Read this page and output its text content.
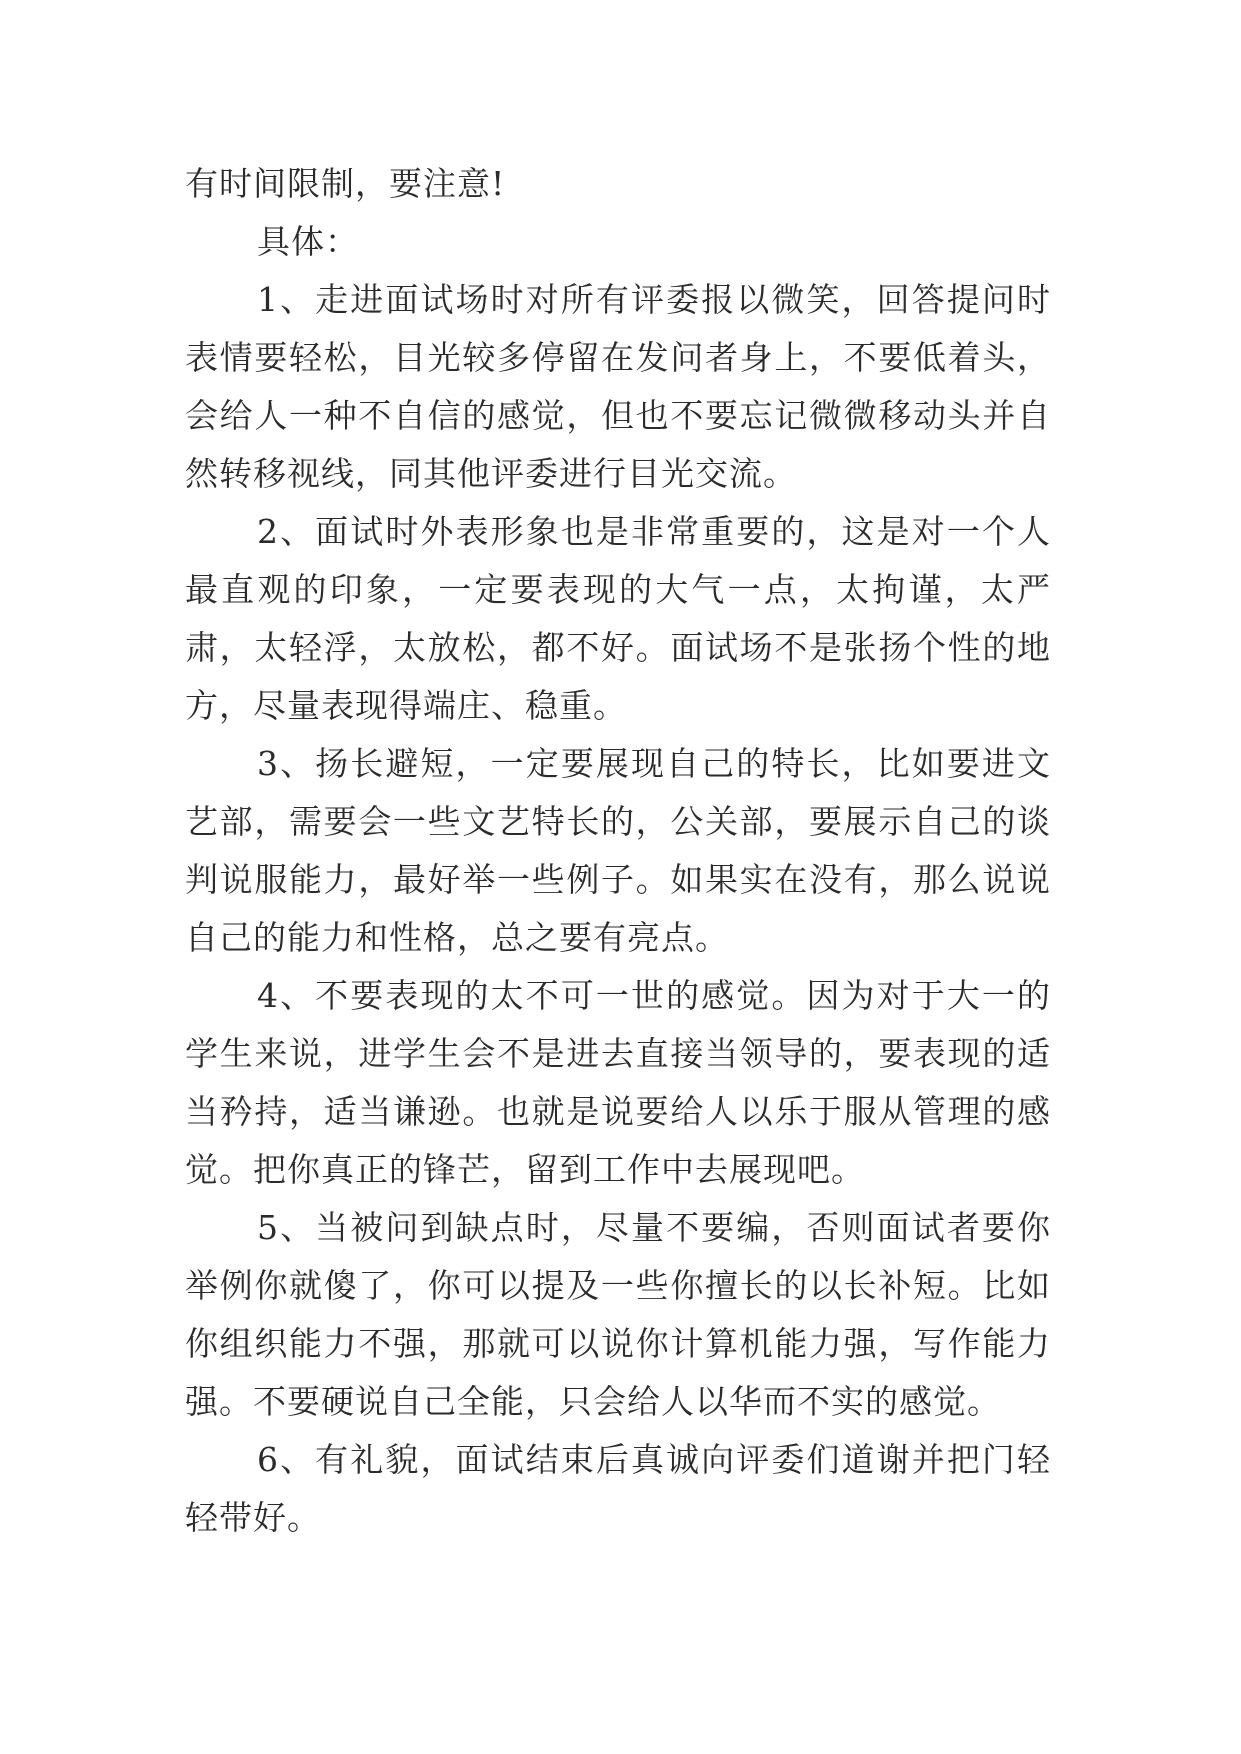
有时间限制，要注意!

具体：

1、走进面试场时对所有评委报以微笑，回答提问时表情要轻松，目光较多停留在发问者身上，不要低着头，会给人一种不自信的感觉，但也不要忘记微微移动头并自然转移视线，同其他评委进行目光交流。

2、面试时外表形象也是非常重要的，这是对一个人最直观的印象，一定要表现的大气一点，太拘谨，太严肃，太轻浮，太放松，都不好。面试场不是张扬个性的地方，尽量表现得端庄、稳重。

3、扬长避短，一定要展现自己的特长，比如要进文艺部，需要会一些文艺特长的，公关部，要展示自己的谈判说服能力，最好举一些例子。如果实在没有，那么说说自己的能力和性格，总之要有亮点。

4、不要表现的太不可一世的感觉。因为对于大一的学生来说，进学生会不是进去直接当领导的，要表现的适当矜持，适当谦逊。也就是说要给人以乐于服从管理的感觉。把你真正的锋芒，留到工作中去展现吧。

5、当被问到缺点时，尽量不要编，否则面试者要你举例你就傻了，你可以提及一些你擅长的以长补短。比如你组织能力不强，那就可以说你计算机能力强，写作能力强。不要硬说自己全能，只会给人以华而不实的感觉。

6、有礼貌，面试结束后真诚向评委们道谢并把门轻轻带好。
